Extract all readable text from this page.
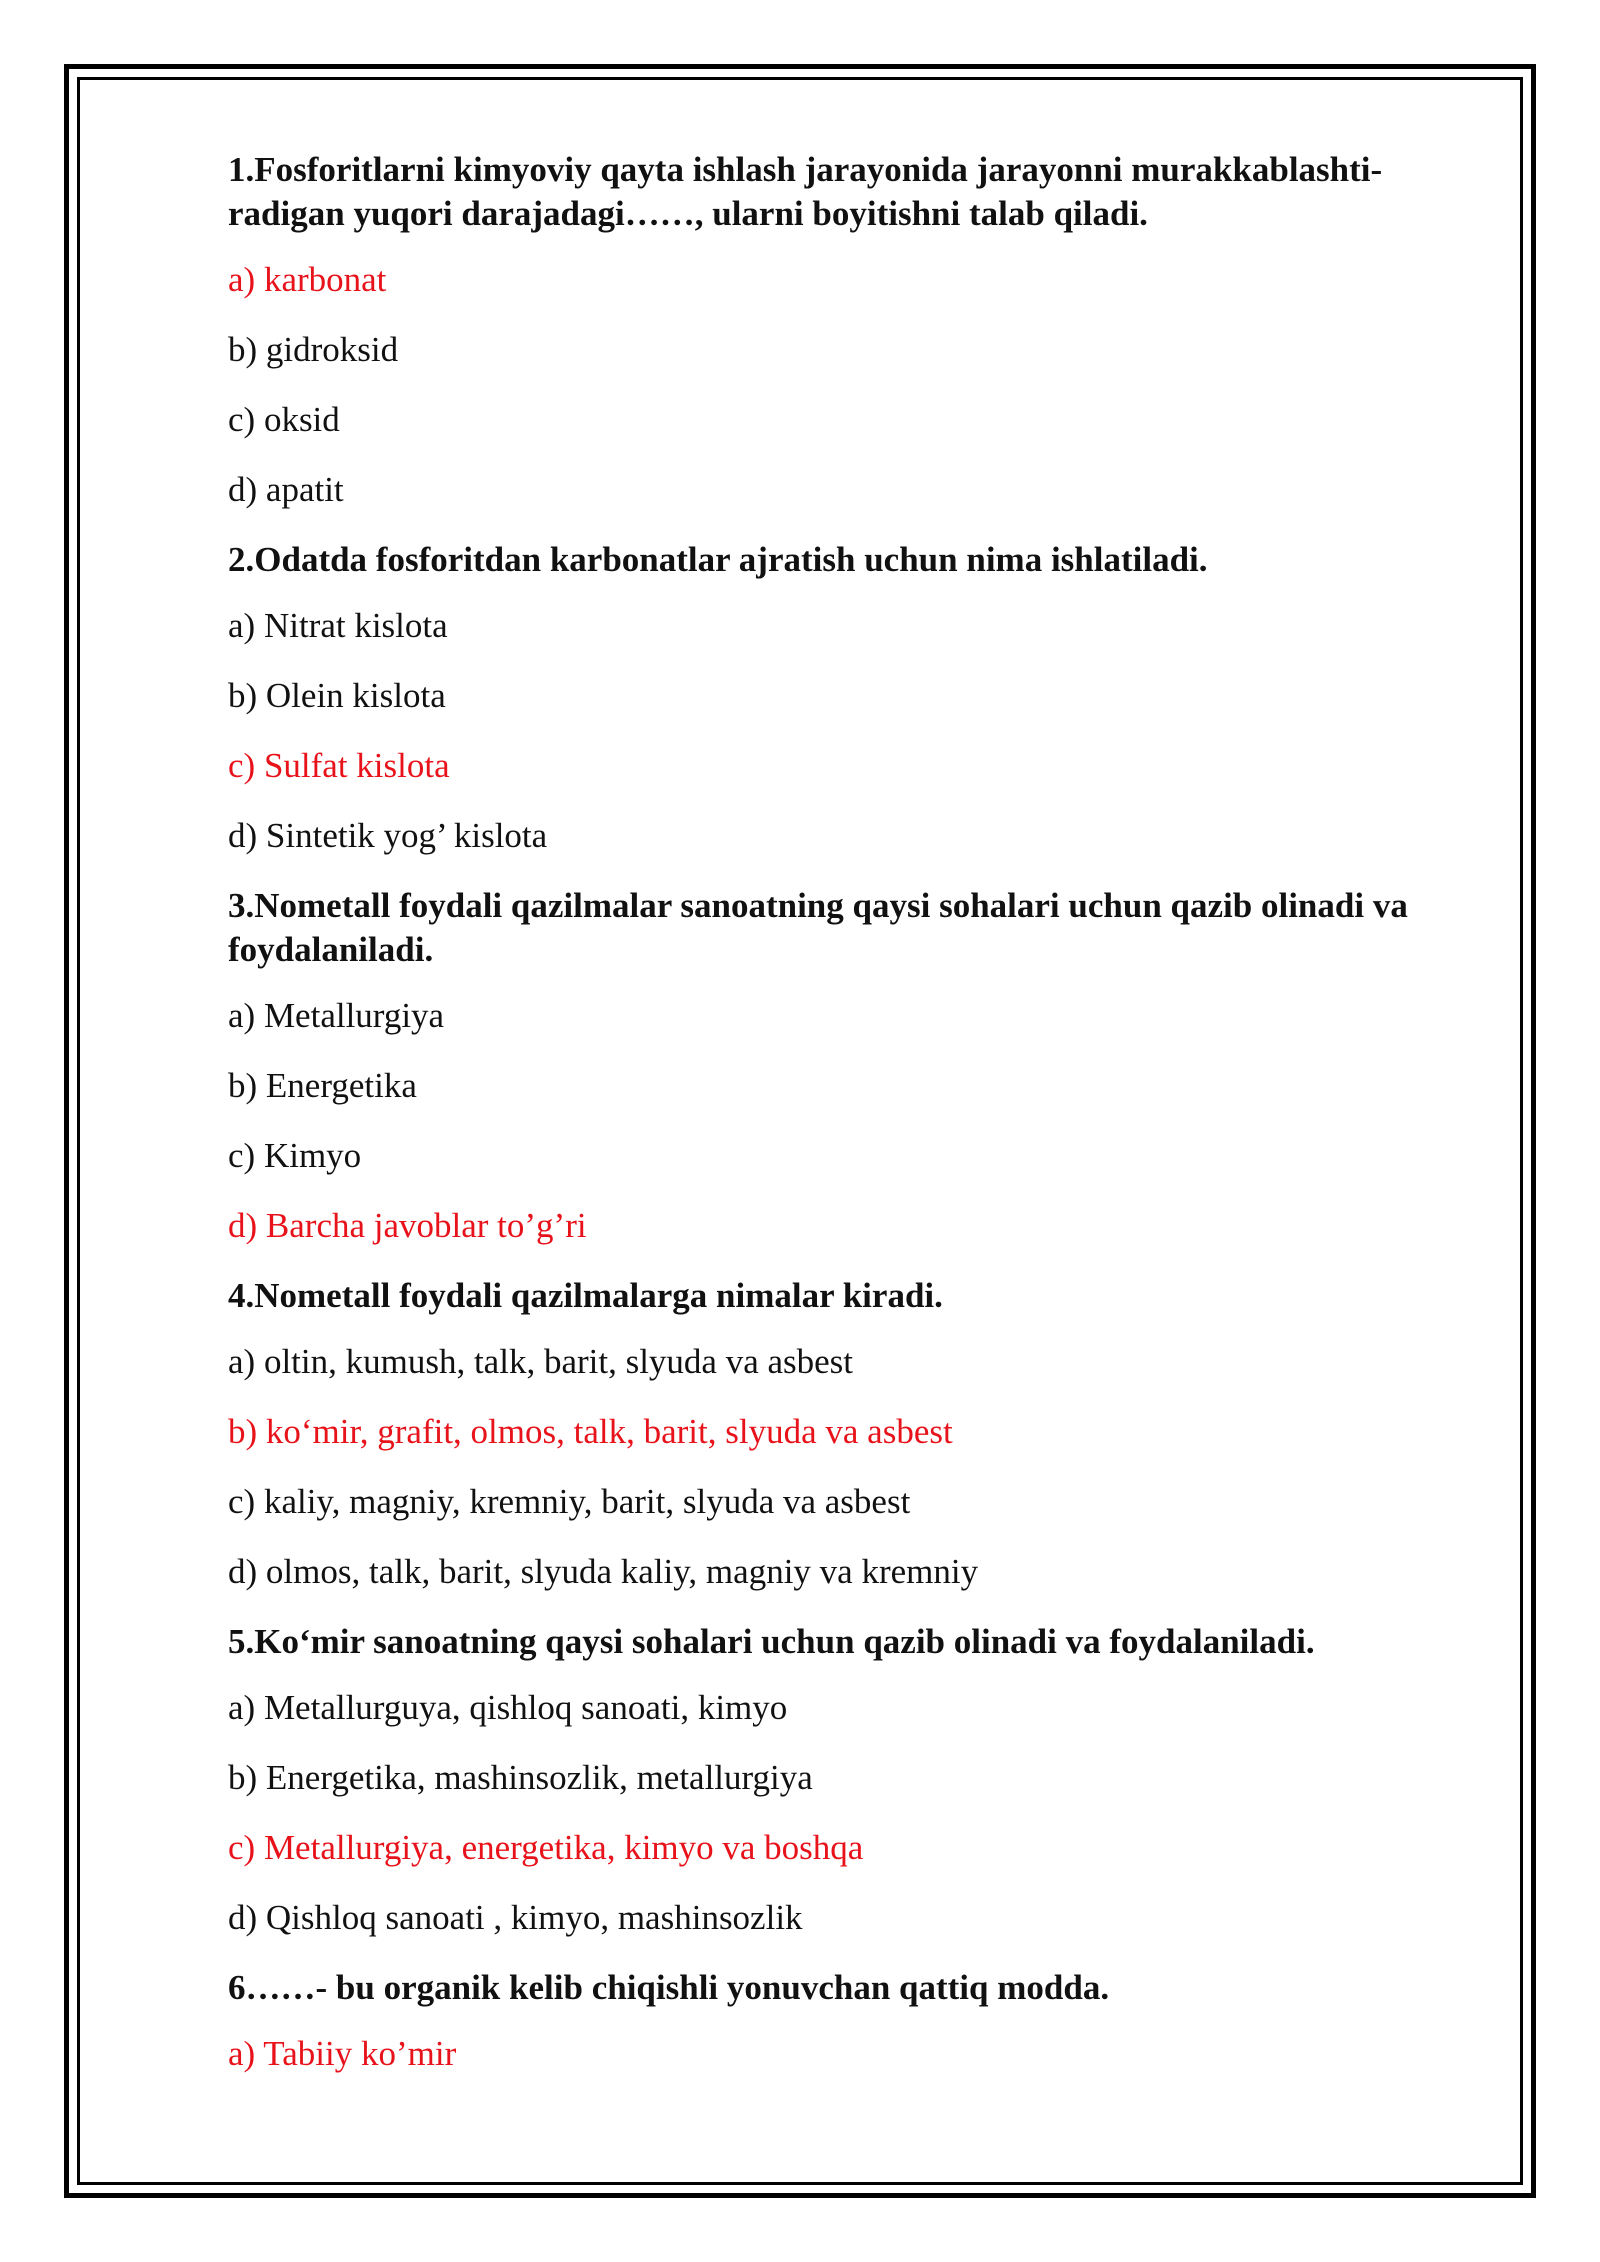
1.Fosforitlarni kimyoviy qayta ishlash jarayonida jarayonni murakkablashti-radigan yuqori darajadagi……, ularni boyitishni talab qiladi.

a) karbonat

b) gidroksid

c) oksid

d) apatit

2.Odatda fosforitdan karbonatlar ajratish uchun nima ishlatiladi.

a) Nitrat kislota

b) Olein kislota

c) Sulfat kislota

d) Sintetik yog’ kislota

3.Nometall foydali qazilmalar sanoatning qaysi sohalari uchun qazib olinadi va foydalaniladi.

a) Metallurgiya

b) Energetika

c) Kimyo

d) Barcha javoblar to’g’ri

4.Nometall foydali qazilmalarga nimalar kiradi.

a) oltin, kumush, talk, barit, slyuda va asbest

b) ko‘mir, grafit, olmos, talk, barit, slyuda va asbest

c) kaliy, magniy, kremniy, barit, slyuda va asbest

d) olmos, talk, barit, slyuda kaliy, magniy va kremniy

5.Ko‘mir sanoatning qaysi sohalari uchun qazib olinadi va foydalaniladi.

a) Metallurguya, qishloq sanoati, kimyo

b) Energetika, mashinsozlik, metallurgiya

c) Metallurgiya, energetika, kimyo va boshqa

d) Qishloq sanoati , kimyo, mashinsozlik

6……- bu organik kelib chiqishli yonuvchan qattiq modda.

a) Tabiiy ko’mir
